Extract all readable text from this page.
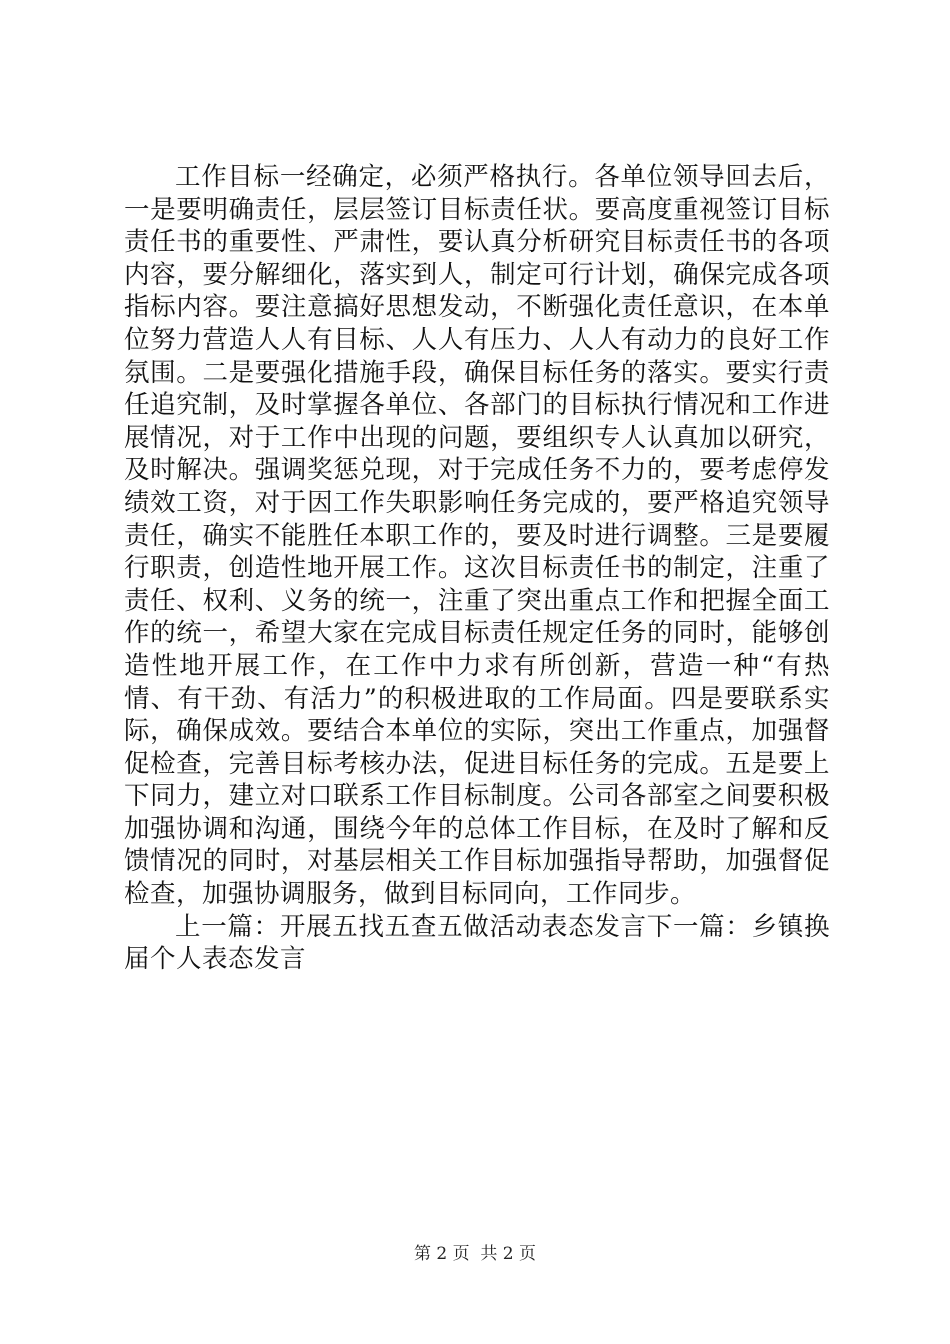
工作目标一经确定，必须严格执行。各单位领导回去后，一是要明确责任，层层签订目标责任状。要高度重视签订目标责任书的重要性、严肃性，要认真分析研究目标责任书的各项内容，要分解细化，落实到人，制定可行计划，确保完成各项指标内容。要注意搞好思想发动，不断强化责任意识，在本单位努力营造人人有目标、人人有压力、人人有动力的良好工作氛围。二是要强化措施手段，确保目标任务的落实。要实行责任追究制，及时掌握各单位、各部门的目标执行情况和工作进展情况，对于工作中出现的问题，要组织专人认真加以研究，及时解决。强调奖惩兑现，对于完成任务不力的，要考虑停发绩效工资，对于因工作失职影响任务完成的，要严格追究领导责任，确实不能胜任本职工作的，要及时进行调整。三是要履行职责，创造性地开展工作。这次目标责任书的制定，注重了责任、权利、义务的统一，注重了突出重点工作和把握全面工作的统一，希望大家在完成目标责任规定任务的同时，能够创造性地开展工作，在工作中力求有所创新，营造一种“有热情、有干劲、有活力”的积极进取的工作局面。四是要联系实际，确保成效。要结合本单位的实际，突出工作重点，加强督促检查，完善目标考核办法，促进目标任务的完成。五是要上下同力，建立对口联系工作目标制度。公司各部室之间要积极加强协调和沟通，围绕今年的总体工作目标，在及时了解和反馈情况的同时，对基层相关工作目标加强指导帮助，加强督促检查，加强协调服务，做到目标同向，工作同步。

上一篇：开展五找五查五做活动表态发言下一篇：乡镇换届个人表态发言

第 2 页  共 2 页
